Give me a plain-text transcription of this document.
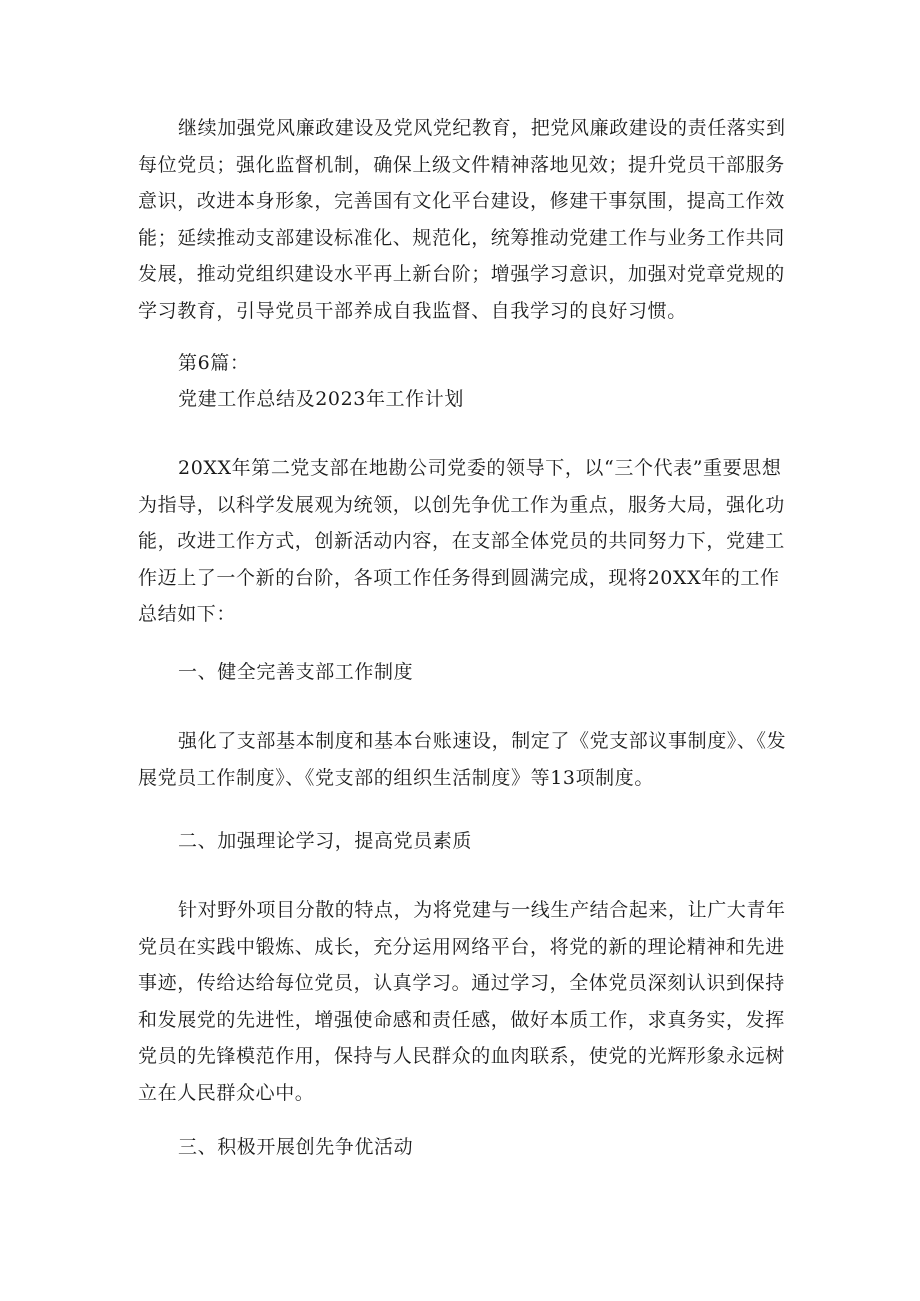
继续加强党风廉政建设及党风党纪教育，把党风廉政建设的责任落实到每位党员；强化监督机制，确保上级文件精神落地见效；提升党员干部服务意识，改进本身形象，完善国有文化平台建设，修建干事氛围，提高工作效能；延续推动支部建设标准化、规范化，统筹推动党建工作与业务工作共同发展，推动党组织建设水平再上新台阶；增强学习意识，加强对党章党规的学习教育，引导党员干部养成自我监督、自我学习的良好习惯。

第6篇：

党建工作总结及2023年工作计划

20XX年第二党支部在地勘公司党委的领导下，以“三个代表”重要思想为指导，以科学发展观为统领，以创先争优工作为重点，服务大局，强化功能，改进工作方式，创新活动内容，在支部全体党员的共同努力下，党建工作迈上了一个新的台阶，各项工作任务得到圆满完成，现将20XX年的工作总结如下：

一、健全完善支部工作制度

强化了支部基本制度和基本台账速设，制定了《党支部议事制度》、《发展党员工作制度》、《党支部的组织生活制度》等13项制度。

二、加强理论学习，提高党员素质

针对野外项目分散的特点，为将党建与一线生产结合起来，让广大青年党员在实践中锻炼、成长，充分运用网络平台，将党的新的理论精神和先进事迹，传给达给每位党员，认真学习。通过学习，全体党员深刻认识到保持和发展党的先进性，增强使命感和责任感，做好本质工作，求真务实，发挥党员的先锋模范作用，保持与人民群众的血肉联系，使党的光辉形象永远树立在人民群众心中。

三、积极开展创先争优活动
